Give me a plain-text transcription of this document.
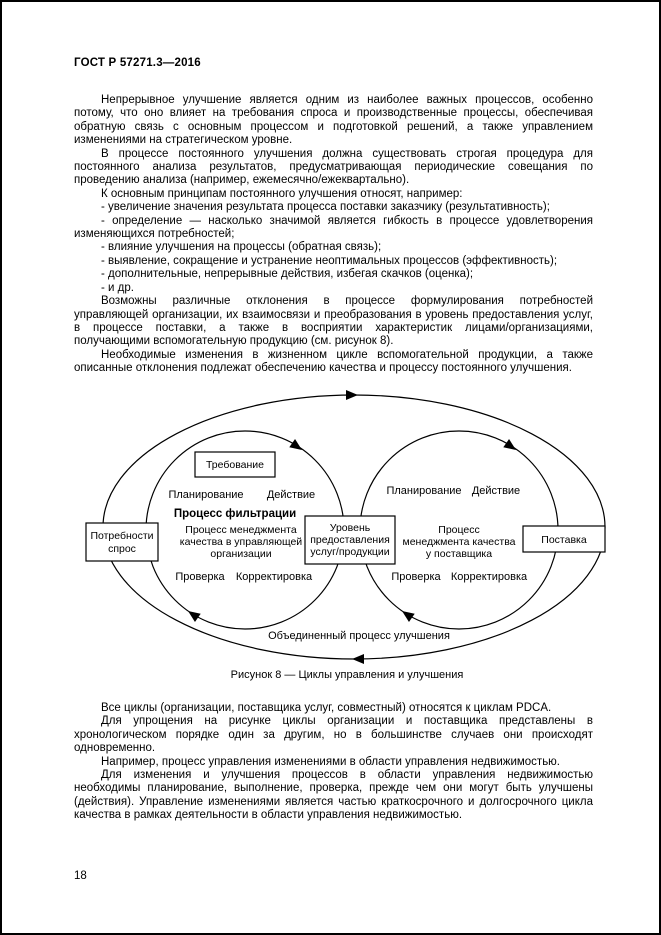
ГОСТ Р 57271.3—2016

Непрерывное улучшение является одним из наиболее важных процессов, особенно потому, что оно влияет на требования спроса и производственные процессы, обеспечивая обратную связь с основным процессом и подготовкой решений, а также управлением изменениями на стратегическом уровне.

В процессе постоянного улучшения должна существовать строгая процедура для постоянного анализа результатов, предусматривающая периодические совещания по проведению анализа (например, ежемесячно/ежеквартально).

К основным принципам постоянного улучшения относят, например:

- увеличение значения результата процесса поставки заказчику (результативность);

- определение — насколько значимой является гибкость в процессе удовлетворения изменяющихся потребностей;

- влияние улучшения на процессы (обратная связь);

- выявление, сокращение и устранение неоптимальных процессов (эффективность);

- дополнительные, непрерывные действия, избегая скачков (оценка);

- и др.

Возможны различные отклонения в процессе формулирования потребностей управляющей организации, их взаимосвязи и преобразования в уровень предоставления услуг, в процессе поставки, а также в восприятии характеристик лицами/организациями, получающими вспомогательную продукцию (см. рисунок 8).

Необходимые изменения в жизненном цикле вспомогательной продукции, а также описанные отклонения подлежат обеспечению качества и процессу постоянного улучшения.

Требование
Потребности
спрос
Уровень
предоставления
услуг/продукции
Поставка
Планирование Действие
Процесс фильтрации
Процесс менеджмента
качества в управляющей
организации
Проверка Корректировка
Планирование Действие
Процесс
менеджмента качества
у поставщика
Проверка Корректировка
Объединенный процесс улучшения
Рисунок 8 — Циклы управления и улучшения

Все циклы (организации, поставщика услуг, совместный) относятся к циклам PDCA.

Для упрощения на рисунке циклы организации и поставщика представлены в хронологическом порядке один за другим, но в большинстве случаев они происходят одновременно.

Например, процесс управления изменениями в области управления недвижимостью.

Для изменения и улучшения процессов в области управления недвижимостью необходимы планирование, выполнение, проверка, прежде чем они могут быть улучшены (действия). Управление изменениями является частью краткосрочного и долгосрочного цикла качества в рамках деятельности в области управления недвижимостью.

18
